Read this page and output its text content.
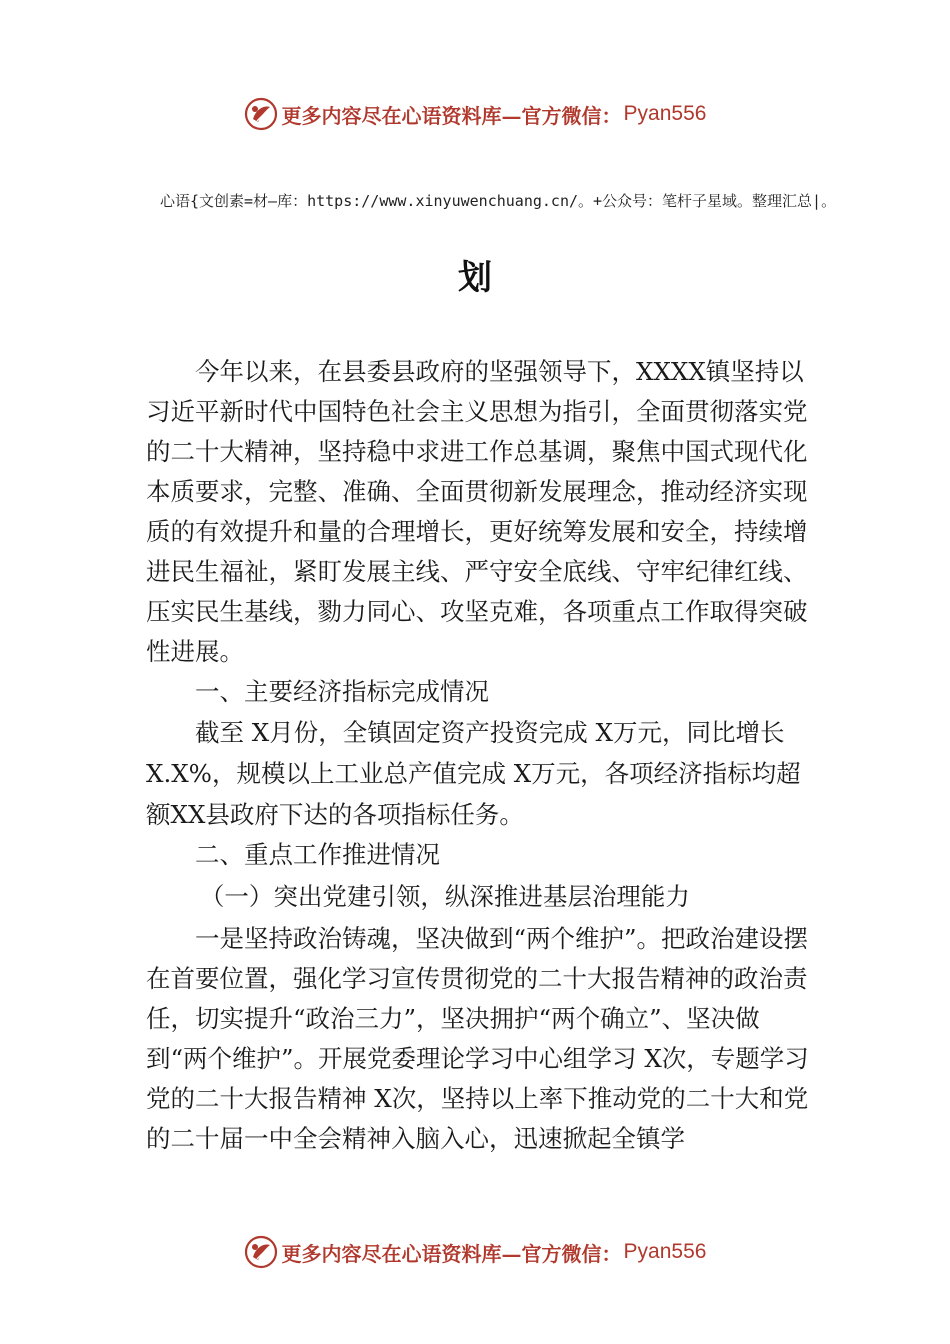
更多内容尽在心语资料库—官方微信： Pyan556
心语{文创素=材—库：https://www.xinyuwenchuang.cn/。+公众号：笔杆子星域。整理汇总|。
划

今年以来，在县委县政府的坚强领导下，XXXX镇坚持以习近平新时代中国特色社会主义思想为指引，全面贯彻落实党的二十大精神，坚持稳中求进工作总基调，聚焦中国式现代化本质要求，完整、准确、全面贯彻新发展理念，推动经济实现质的有效提升和量的合理增长，更好统筹发展和安全，持续增进民生福祉，紧盯发展主线、严守安全底线、守牢纪律红线、压实民生基线，勠力同心、攻坚克难，各项重点工作取得突破性进展。

一、主要经济指标完成情况

截至 X月份，全镇固定资产投资完成 X万元，同比增长 X.X%，规模以上工业总产值完成 X万元，各项经济指标均超额XX县政府下达的各项指标任务。

二、重点工作推进情况

（一）突出党建引领，纵深推进基层治理能力

一是坚持政治铸魂，坚决做到“两个维护”。把政治建设摆在首要位置，强化学习宣传贯彻党的二十大报告精神的政治责任，切实提升“政治三力”，坚决拥护“两个确立”、坚决做到“两个维护”。开展党委理论学习中心组学习 X次，专题学习党的二十大报告精神 X次，坚持以上率下推动党的二十大和党的二十届一中全会精神入脑入心，迅速掀起全镇学

更多内容尽在心语资料库—官方微信： Pyan556
